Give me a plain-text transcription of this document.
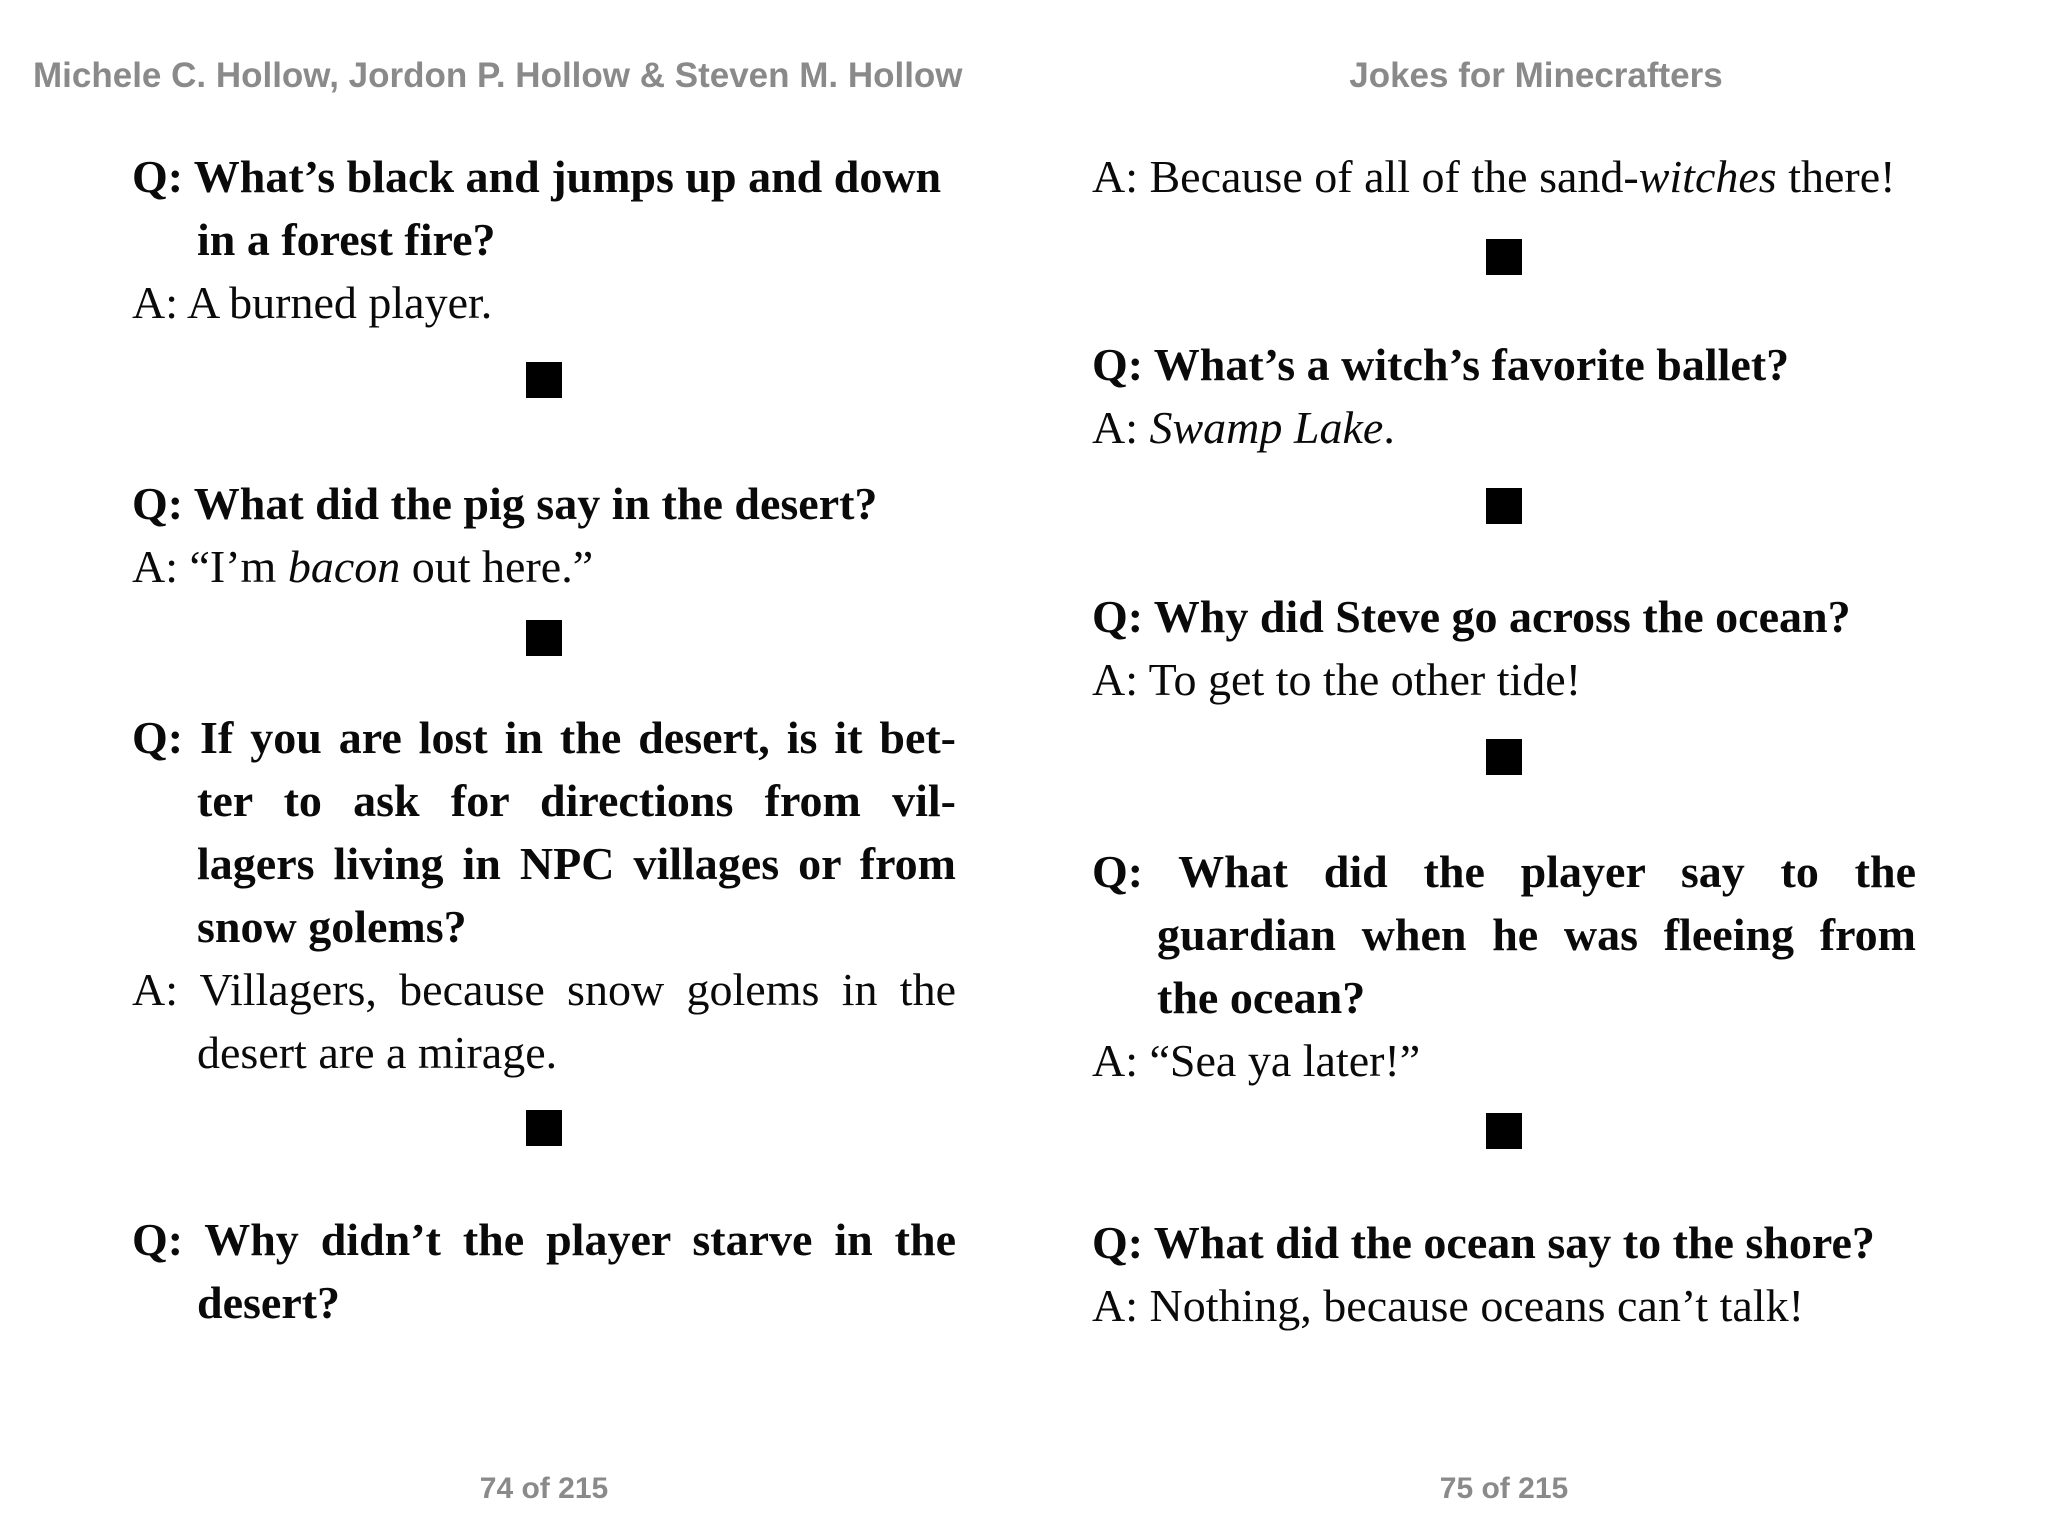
Michele C. Hollow, Jordon P. Hollow & Steven M. Hollow	Jokes for Minecrafters
Q: What’s black and jumps up and down
in a forest fire?
A: A burned player.
Q: What did the pig say in the desert?
A: “I’m bacon out here.”
Q: If you are lost in the desert, is it bet-
ter to ask for directions from vil-
lagers living in NPC villages or from
snow golems?
A: Villagers, because snow golems in the
desert are a mirage.
Q: Why didn’t the player starve in the
desert?
A: Because of all of the sand-witches there!
Q: What’s a witch’s favorite ballet?
A: Swamp Lake.
Q: Why did Steve go across the ocean?
A: To get to the other tide!
Q: What did the player say to the
guardian when he was fleeing from
the ocean?
A: “Sea ya later!”
Q: What did the ocean say to the shore?
A: Nothing, because oceans can’t talk!
74 of 215	75 of 215
